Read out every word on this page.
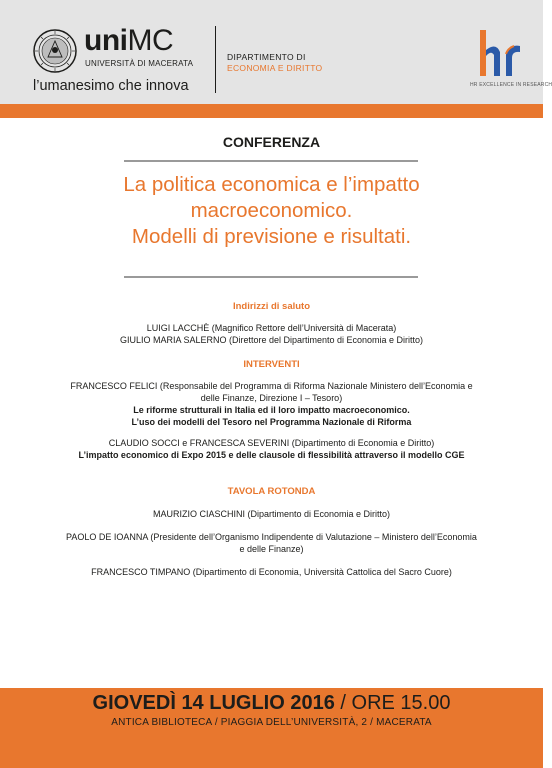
uniMC
UNIVERSITÀ DI MACERATA
l’umanesimo che innova
DIPARTIMENTO DI
ECONOMIA E DIRITTO
HR EXCELLENCE IN RESEARCH
CONFERENZA
La politica economica e l’impatto
macroeconomico.
Modelli di previsione e risultati.
Indirizzi di saluto
LUIGI LACCHÈ (Magnifico Rettore dell’Università di Macerata)
GIULIO MARIA SALERNO (Direttore del Dipartimento di Economia e Diritto)
INTERVENTI
FRANCESCO FELICI (Responsabile del Programma di Riforma Nazionale Ministero dell’Economia e
delle Finanze, Direzione I – Tesoro)
Le riforme strutturali in Italia ed il loro impatto macroeconomico.
L’uso dei modelli del Tesoro nel Programma Nazionale di Riforma
CLAUDIO SOCCI e FRANCESCA SEVERINI (Dipartimento di Economia e Diritto)
L’impatto economico di Expo 2015 e delle clausole di flessibilità attraverso il modello CGE
TAVOLA ROTONDA
MAURIZIO CIASCHINI (Dipartimento di Economia e Diritto)
PAOLO DE IOANNA (Presidente dell’Organismo Indipendente di Valutazione – Ministero dell’Economia
e delle Finanze)
FRANCESCO TIMPANO (Dipartimento di Economia, Università Cattolica del Sacro Cuore)
GIOVEDÌ 14 LUGLIO 2016 / ORE 15.00
ANTICA BIBLIOTECA / PIAGGIA DELL’UNIVERSITÀ, 2 / MACERATA
